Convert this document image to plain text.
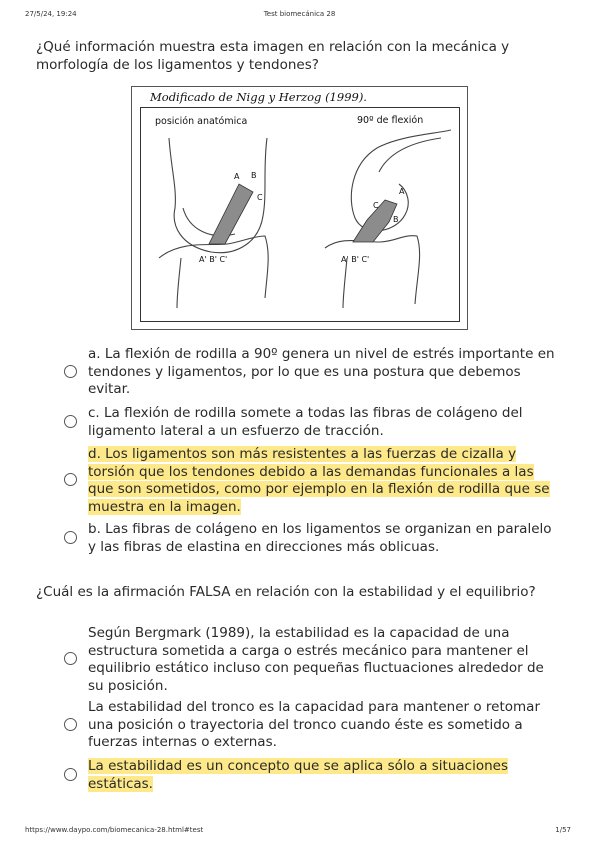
27/5/24, 19:24	Test biomecánica 28
¿Qué información muestra esta imagen en relación con la mecánica y morfología de los ligamentos y tendones?
Modificado de Nigg y Herzog (1999).
posición anatómica	90º de flexión
A B
C
A' B' C'
A
C
B
A' B' C'
a. La flexión de rodilla a 90º genera un nivel de estrés importante en tendones y ligamentos, por lo que es una postura que debemos evitar.
c. La flexión de rodilla somete a todas las fibras de colágeno del ligamento lateral a un esfuerzo de tracción.
d. Los ligamentos son más resistentes a las fuerzas de cizalla y torsión que los tendones debido a las demandas funcionales a las que son sometidos, como por ejemplo en la flexión de rodilla que se muestra en la imagen.
b. Las fibras de colágeno en los ligamentos se organizan en paralelo y las fibras de elastina en direcciones más oblicuas.
¿Cuál es la afirmación FALSA en relación con la estabilidad y el equilibrio?
Según Bergmark (1989), la estabilidad es la capacidad de una estructura sometida a carga o estrés mecánico para mantener el equilibrio estático incluso con pequeñas fluctuaciones alrededor de su posición.
La estabilidad del tronco es la capacidad para mantener o retomar una posición o trayectoria del tronco cuando éste es sometido a fuerzas internas o externas.
La estabilidad es un concepto que se aplica sólo a situaciones estáticas.
https://www.daypo.com/biomecanica-28.html#test	1/57
